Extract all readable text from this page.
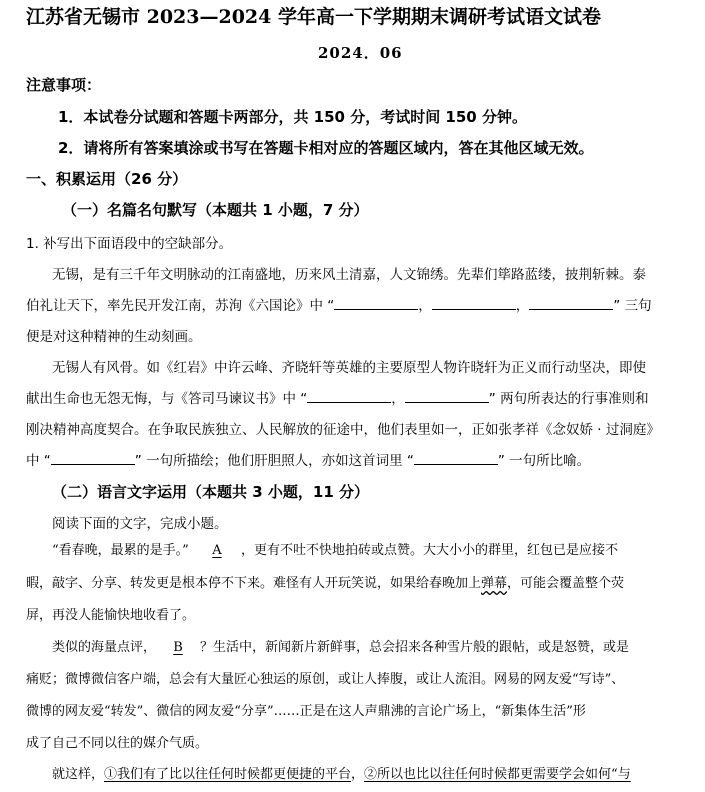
江苏省无锡市 2023—2024 学年高一下学期期末调研考试语文试卷
2024．06
注意事项：
1．本试卷分试题和答题卡两部分，共 150 分，考试时间 150 分钟。
2．请将所有答案填涂或书写在答题卡相对应的答题区域内，答在其他区域无效。
一、积累运用（26 分）
（一）名篇名句默写（本题共 1 小题，7 分）
1. 补写出下面语段中的空缺部分。
无锡，是有三千年文明脉动的江南盛地，历来风土清嘉，人文锦绣。先辈们筚路蓝缕，披荆斩棘。泰
伯礼让天下，率先民开发江南，苏洵《六国论》中 “	，	，	” 三句
便是对这种精神的生动刻画。
无锡人有风骨。如《红岩》中许云峰、齐晓轩等英雄的主要原型人物许晓轩为正义而行动坚决，即使
献出生命也无怨无悔，与《答司马谏议书》中 “	，	” 两句所表达的行事准则和
刚决精神高度契合。在争取民族独立、人民解放的征途中，他们表里如一，正如张孝祥《念奴娇 · 过洞庭》
中 “	” 一句所描绘；他们肝胆照人，亦如这首词里 “	” 一句所比喻。
（二）语言文字运用（本题共 3 小题，11 分）
阅读下面的文字，完成小题。
“看春晚，最累的是手。” A ，更有不吐不快地拍砖或点赞。大大小小的群里，红包已是应接不
暇，敲字、分享、转发更是根本停不下来。难怪有人开玩笑说，如果给春晚加上弹幕，可能会覆盖整个荧
屏，再没人能愉快地收看了。
类似的海量点评， B ？生活中，新闻新片新鲜事，总会招来各种雪片般的跟帖，或是怒赞，或是
痛贬；微博微信客户端，总会有大量匠心独运的原创，或让人捧腹，或让人流泪。网易的网友爱“写诗”、
微博的网友爱“转发”、微信的网友爱“分享”……正是在这人声鼎沸的言论广场上，“新集体生活”形
成了自己不同以往的媒介气质。
就这样，①我们有了比以往任何时候都更便捷的平台，②所以也比以往任何时候都更需要学会如何“与
